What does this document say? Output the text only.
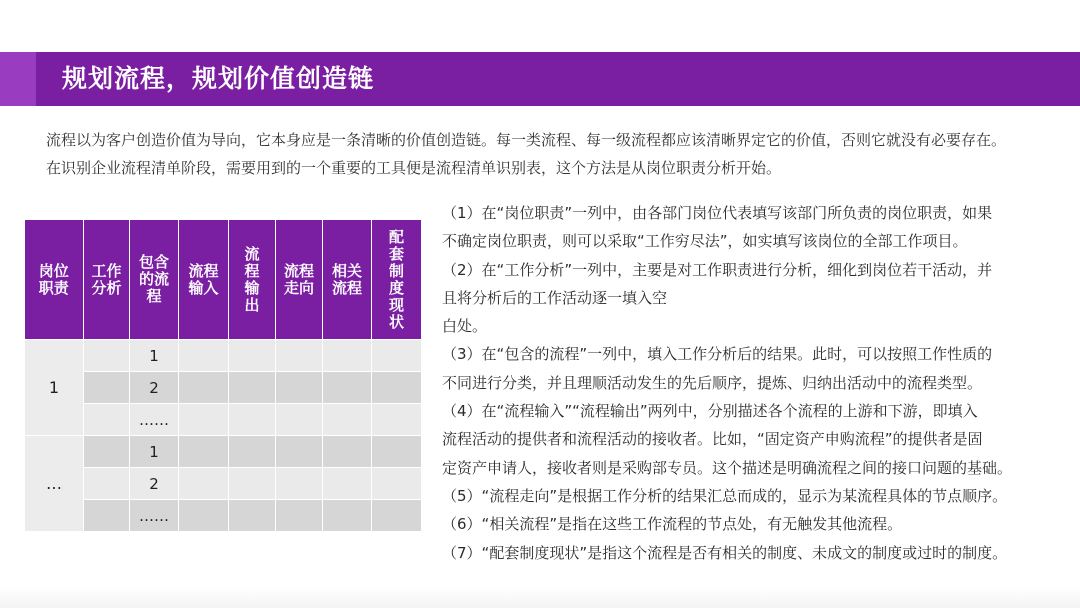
规划流程，规划价值创造链

流程以为客户创造价值为导向，它本身应是一条清晰的价值创造链。每一类流程、每一级流程都应该清晰界定它的价值，否则它就没有必要存在。

在识别企业流程清单阶段，需要用到的一个重要的工具便是流程清单识别表，这个方法是从岗位职责分析开始。

岗位职责	工作分析	包含的流程	流程输入	流程输出	流程走向	相关流程	配套制度现状
1		1					
		2					
		……					
…		1					
		2					
		……					

（1）在“岗位职责”一列中，由各部门岗位代表填写该部门所负责的岗位职责，如果

不确定岗位职责，则可以采取“工作穷尽法”，如实填写该岗位的全部工作项目。

（2）在“工作分析”一列中，主要是对工作职责进行分析，细化到岗位若干活动，并

且将分析后的工作活动逐一填入空

白处。

（3）在“包含的流程”一列中，填入工作分析后的结果。此时，可以按照工作性质的

不同进行分类，并且理顺活动发生的先后顺序，提炼、归纳出活动中的流程类型。

（4）在“流程输入”“流程输出”两列中，分别描述各个流程的上游和下游，即填入

流程活动的提供者和流程活动的接收者。比如，“固定资产申购流程”的提供者是固

定资产申请人，接收者则是采购部专员。这个描述是明确流程之间的接口问题的基础。

（5）“流程走向”是根据工作分析的结果汇总而成的，显示为某流程具体的节点顺序。

（6）“相关流程”是指在这些工作流程的节点处，有无触发其他流程。

（7）“配套制度现状”是指这个流程是否有相关的制度、未成文的制度或过时的制度。
